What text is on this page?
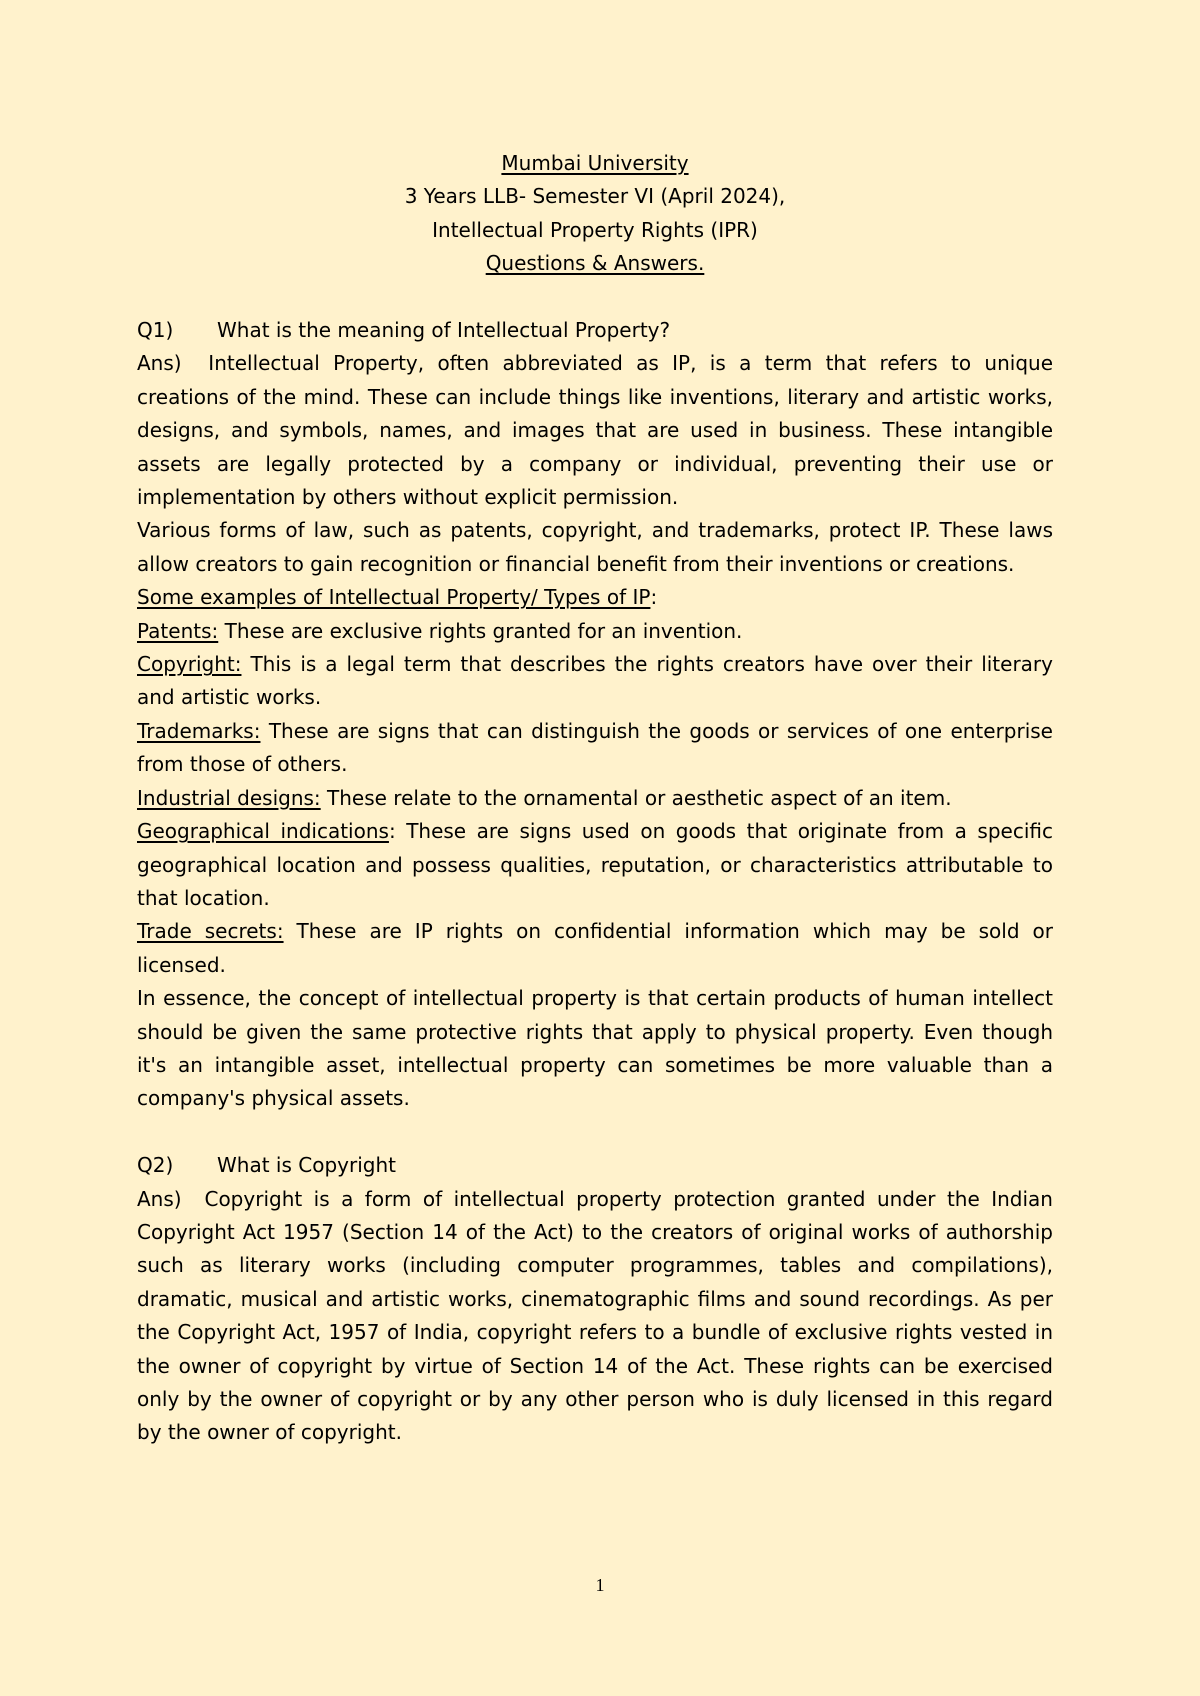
Mumbai University

3 Years LLB- Semester VI (April 2024),

Intellectual Property Rights (IPR)

Questions & Answers.

Q1) What is the meaning of Intellectual Property?

Ans) Intellectual Property, often abbreviated as IP, is a term that refers to unique creations of the mind. These can include things like inventions, literary and artistic works, designs, and symbols, names, and images that are used in business. These intangible assets are legally protected by a company or individual, preventing their use or implementation by others without explicit permission.

Various forms of law, such as patents, copyright, and trademarks, protect IP. These laws allow creators to gain recognition or financial benefit from their inventions or creations.

Some examples of Intellectual Property/ Types of IP:

Patents: These are exclusive rights granted for an invention.

Copyright: This is a legal term that describes the rights creators have over their literary and artistic works.

Trademarks: These are signs that can distinguish the goods or services of one enterprise from those of others.

Industrial designs: These relate to the ornamental or aesthetic aspect of an item.

Geographical indications: These are signs used on goods that originate from a specific geographical location and possess qualities, reputation, or characteristics attributable to that location.

Trade secrets: These are IP rights on confidential information which may be sold or licensed.

In essence, the concept of intellectual property is that certain products of human intellect should be given the same protective rights that apply to physical property. Even though it's an intangible asset, intellectual property can sometimes be more valuable than a company's physical assets.

Q2) What is Copyright

Ans) Copyright is a form of intellectual property protection granted under the Indian Copyright Act 1957 (Section 14 of the Act) to the creators of original works of authorship such as literary works (including computer programmes, tables and compilations), dramatic, musical and artistic works, cinematographic films and sound recordings. As per the Copyright Act, 1957 of India, copyright refers to a bundle of exclusive rights vested in the owner of copyright by virtue of Section 14 of the Act. These rights can be exercised only by the owner of copyright or by any other person who is duly licensed in this regard by the owner of copyright.

1
